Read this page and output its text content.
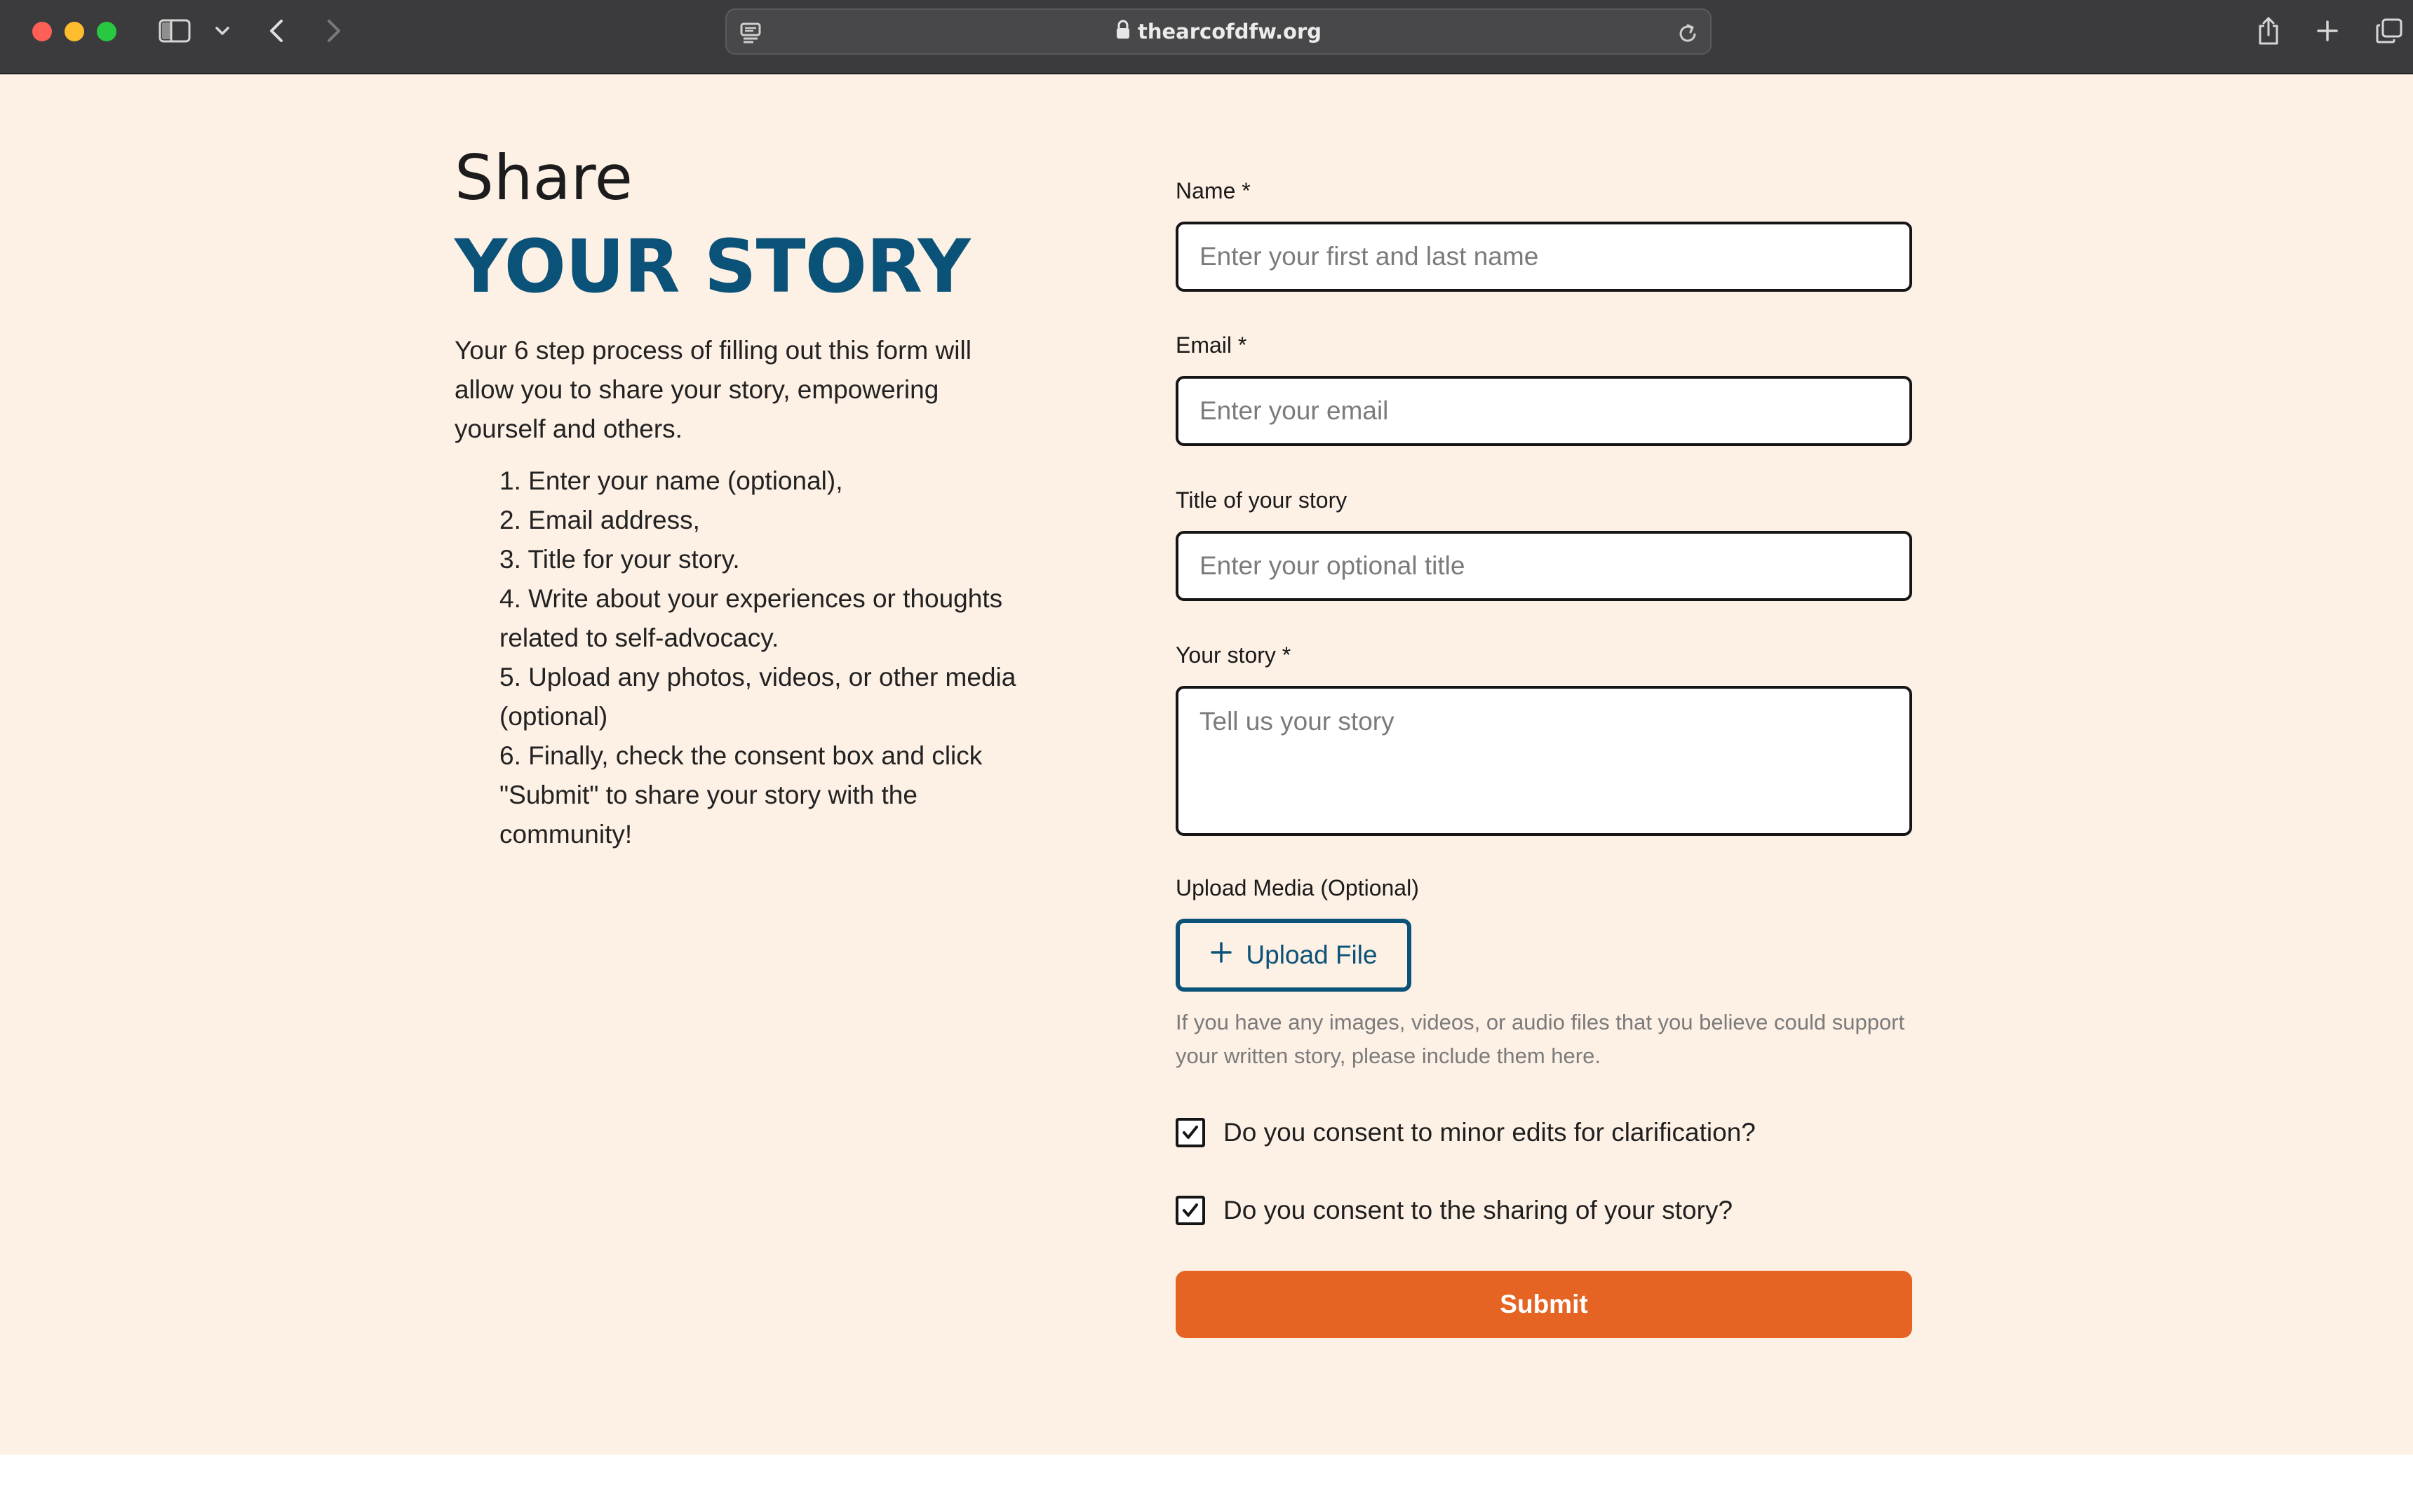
thearcofdfw.org
Share
YOUR STORY

Your 6 step process of filling out this form will allow you to share your story, empowering yourself and others.

1. Enter your name (optional),
2. Email address,
3. Title for your story.
4. Write about your experiences or thoughts related to self-advocacy.
5. Upload any photos, videos, or other media (optional)
6. Finally, check the consent box and click "Submit" to share your story with the community!
Name *
Enter your first and last name
Email *
Enter your email
Title of your story
Enter your optional title
Your story *
Tell us your story
Upload Media (Optional)
Upload File

If you have any images, videos, or audio files that you believe could support your written story, please include them here.

Do you consent to minor edits for clarification?
Do you consent to the sharing of your story?
Submit
